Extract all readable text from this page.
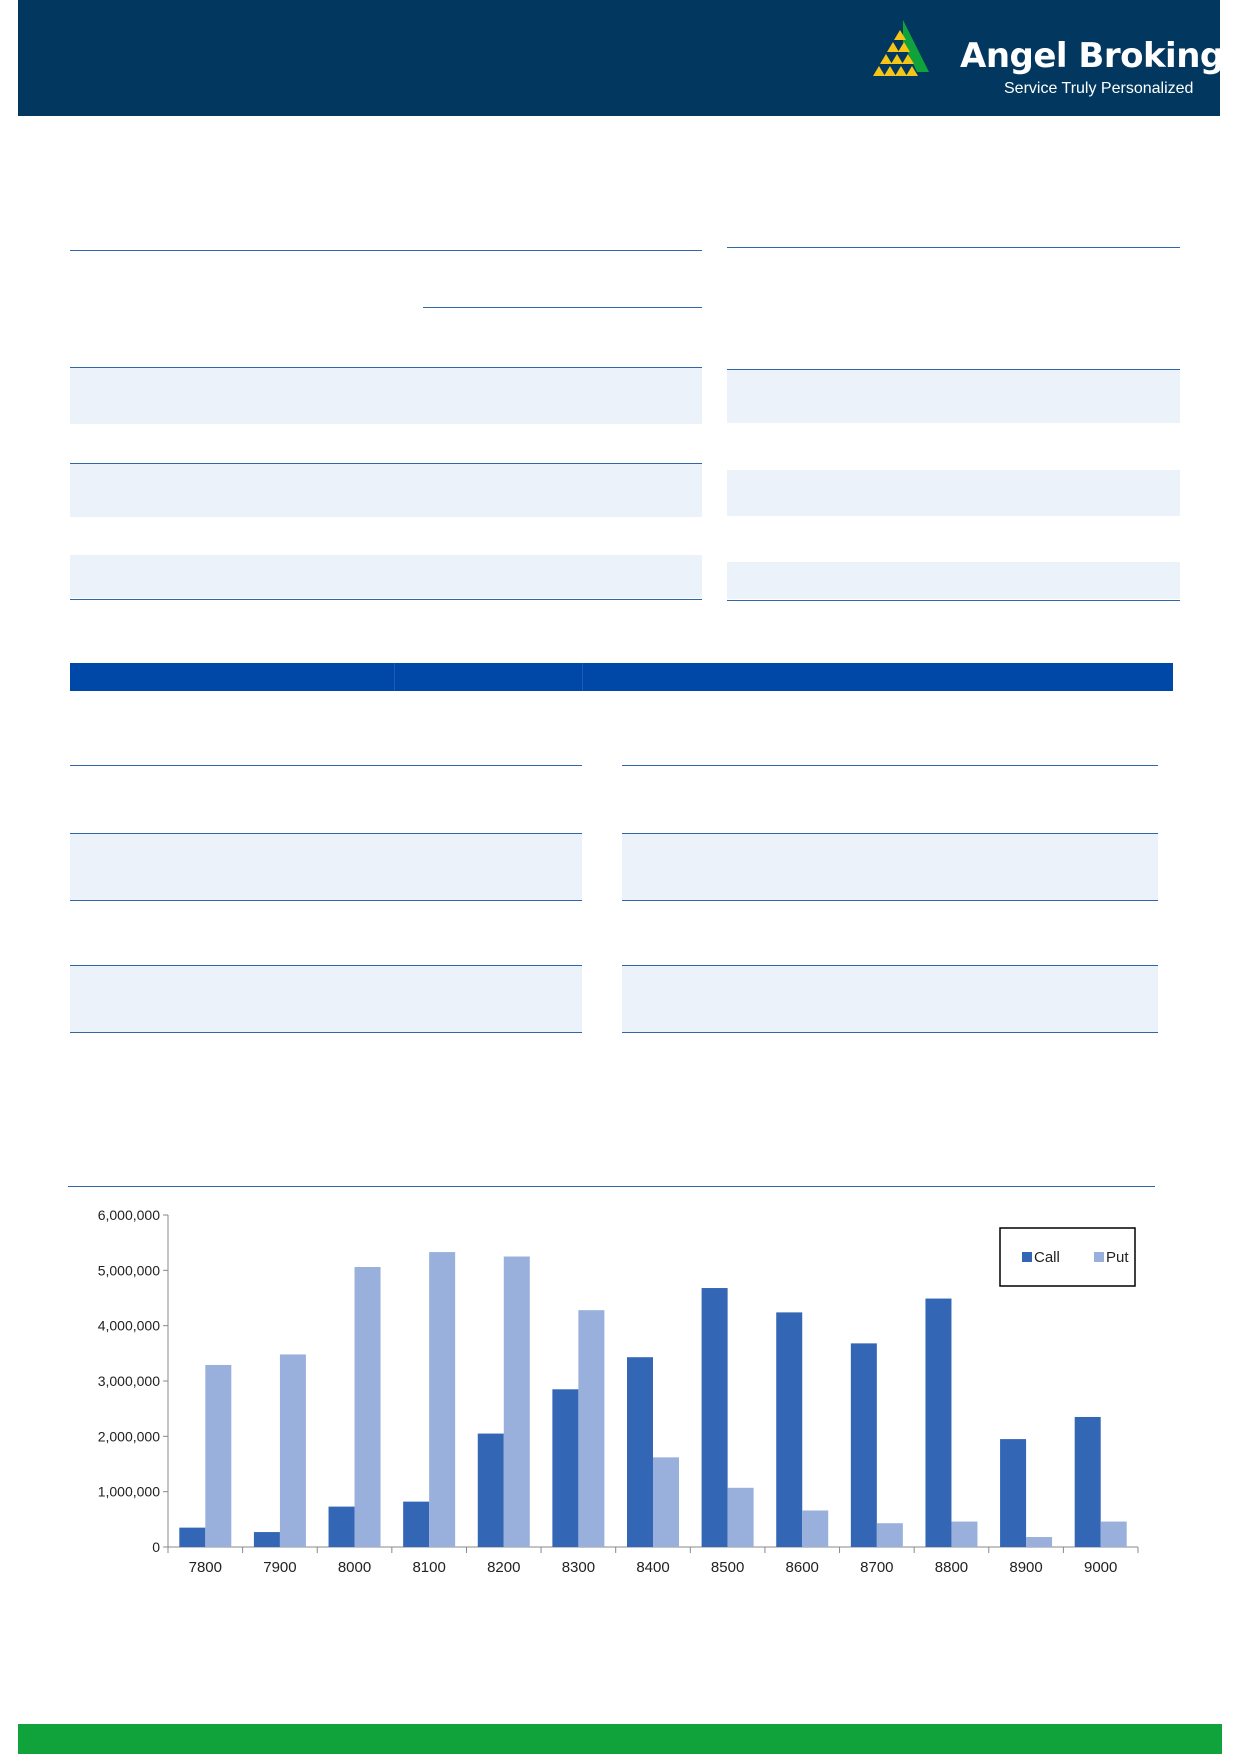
Angel Broking®
Service Truly Personalized
0
1,000,000
2,000,000
3,000,000
4,000,000
5,000,000
6,000,000
7800	7900	8000	8100	8200	8300	8400	8500	8600	8700	8800	8900	9000
Call	Put
